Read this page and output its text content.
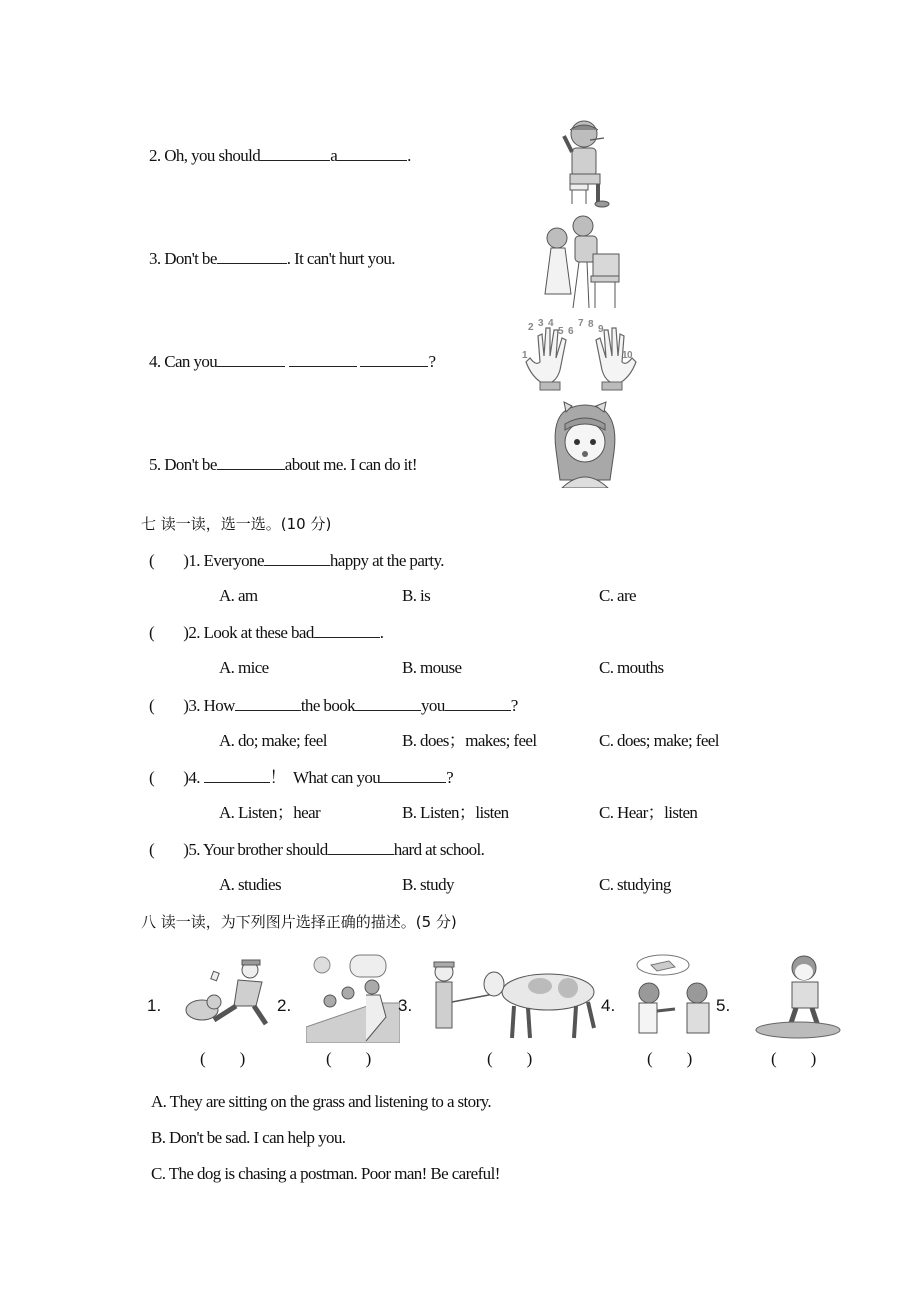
2. Oh, you should	a	.
3. Don't be	. It can't hurt you.
4. Can you	?
5. Don't be	about me. I can do it!
1
2 3 4
5 6
7 8 9
10
七 读一读，选一选。(10 分)
(        )1. Everyone	happy at the party.
A. am	B. is	C. are
(        )2. Look at these bad	.
A. mice	B. mouse	C. mouths
(        )3. How	the book	you	?
A. do; make; feel	B. does；makes; feel	C. does; make; feel
(        )4.	！  What can you	?
A. Listen；hear	B. Listen；listen	C. Hear；listen
(        )5. Your brother should	hard at school.
A. studies	B. study	C. studying
八 读一读，为下列图片选择正确的描述。(5 分)
1.	2.	3.	4.	5.
(        )	(        )	(        )	(        )	(        )
A. They are sitting on the grass and listening to a story.
B. Don't be sad. I can help you.
C. The dog is chasing a postman. Poor man! Be careful!
